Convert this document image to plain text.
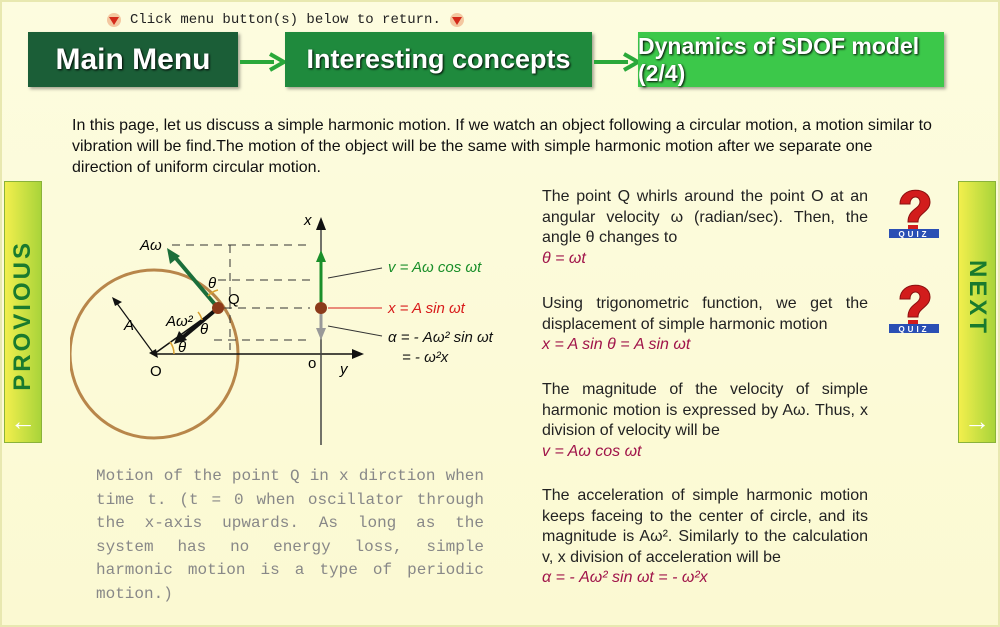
Click menu button(s) below to return.
Main Menu	Interesting concepts	Dynamics of SDOF model (2/4)
In this page, let us discuss a simple harmonic motion. If we watch an object following a circular motion, a motion similar to vibration will be find.The motion of the object will be the same with simple harmonic motion after we separate one direction of uniform circular motion.
PROVIOUS
←
NEXT
→
x
y
o
O
Q
A
Aω
Aω²
θ
θ
θ
v = Aω cos ωt
x = A sin ωt
α = - Aω² sin ωt
= - ω²x
Motion of the point Q in x dirction when time t. (t = 0 when oscillator through the x-axis upwards. As long as the system has no energy loss, simple harmonic motion is a type of periodic motion.)
The point Q whirls around the point O at an angular velocity ω (radian/sec). Then, the angle θ changes to
θ = ωt
Using trigonometric function, we get the displacement of simple harmonic motion
x = A sin θ = A sin ωt
The magnitude of the velocity of simple harmonic motion is expressed by Aω. Thus, x division of velocity will be
v = Aω cos ωt
The acceleration of simple harmonic motion keeps faceing to the center of circle, and its magnitude is Aω². Similarly to the calculation v, x division of acceleration will be
α = - Aω² sin ωt = - ω²x
QUIZ
QUIZ
